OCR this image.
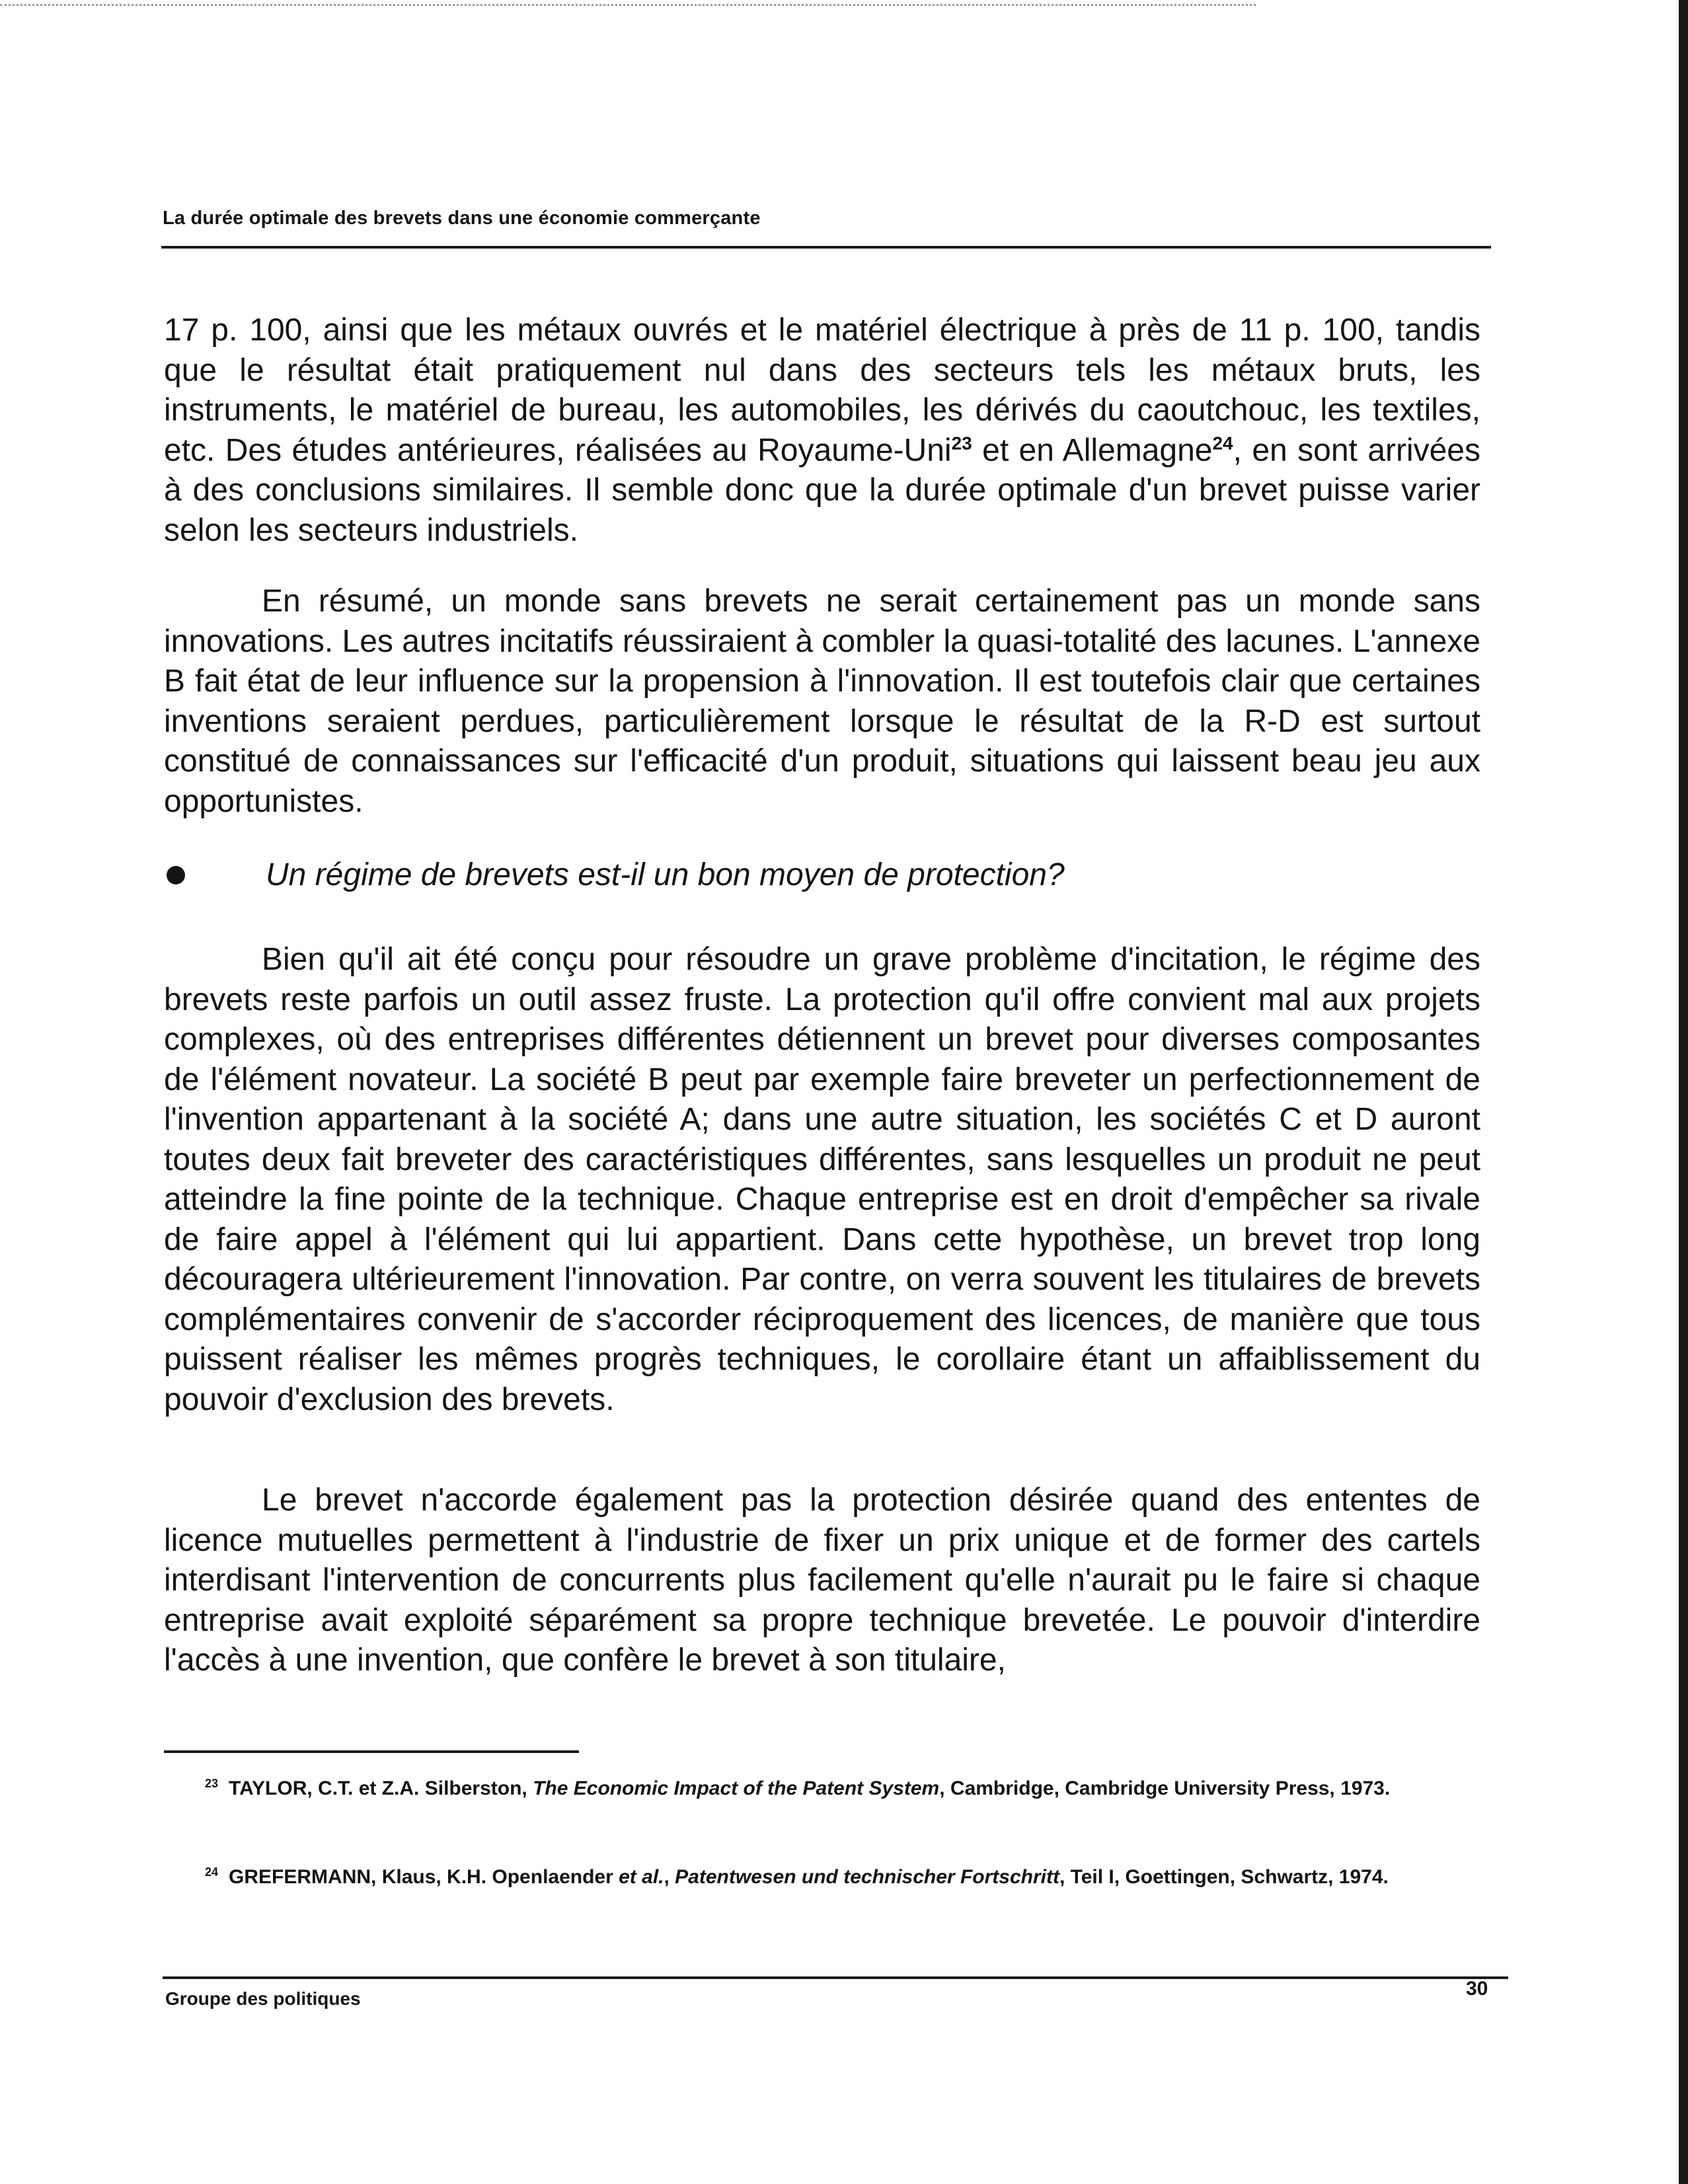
La durée optimale des brevets dans une économie commerçante

17 p. 100, ainsi que les métaux ouvrés et le matériel électrique à près de 11 p. 100, tandis que le résultat était pratiquement nul dans des secteurs tels les métaux bruts, les instruments, le matériel de bureau, les automobiles, les dérivés du caoutchouc, les textiles, etc. Des études antérieures, réalisées au Royaume-Uni$^{23}$ et en Allemagne$^{24}$, en sont arrivées à des conclusions similaires. Il semble donc que la durée optimale d'un brevet puisse varier selon les secteurs industriels.

En résumé, un monde sans brevets ne serait certainement pas un monde sans innovations. Les autres incitatifs réussiraient à combler la quasi-totalité des lacunes. L'annexe B fait état de leur influence sur la propension à l'innovation. Il est toutefois clair que certaines inventions seraient perdues, particulièrement lorsque le résultat de la R-D est surtout constitué de connaissances sur l'efficacité d'un produit, situations qui laissent beau jeu aux opportunistes.

Un régime de brevets est-il un bon moyen de protection?

Bien qu'il ait été conçu pour résoudre un grave problème d'incitation, le régime des brevets reste parfois un outil assez fruste. La protection qu'il offre convient mal aux projets complexes, où des entreprises différentes détiennent un brevet pour diverses composantes de l'élément novateur. La société B peut par exemple faire breveter un perfectionnement de l'invention appartenant à la société A; dans une autre situation, les sociétés C et D auront toutes deux fait breveter des caractéristiques différentes, sans lesquelles un produit ne peut atteindre la fine pointe de la technique. Chaque entreprise est en droit d'empêcher sa rivale de faire appel à l'élément qui lui appartient. Dans cette hypothèse, un brevet trop long découragera ultérieurement l'innovation. Par contre, on verra souvent les titulaires de brevets complémentaires convenir de s'accorder réciproquement des licences, de manière que tous puissent réaliser les mêmes progrès techniques, le corollaire étant un affaiblissement du pouvoir d'exclusion des brevets.

Le brevet n'accorde également pas la protection désirée quand des ententes de licence mutuelles permettent à l'industrie de fixer un prix unique et de former des cartels interdisant l'intervention de concurrents plus facilement qu'elle n'aurait pu le faire si chaque entreprise avait exploité séparément sa propre technique brevetée. Le pouvoir d'interdire l'accès à une invention, que confère le brevet à son titulaire,

$^{23}$ TAYLOR, C.T. et Z.A. Silberston, The Economic Impact of the Patent System, Cambridge, Cambridge University Press, 1973.

$^{24}$ GREFERMANN, Klaus, K.H. Openlaender et al., Patentwesen und technischer Fortschritt, Teil I, Goettingen, Schwartz, 1974.

Groupe des politiques	30
